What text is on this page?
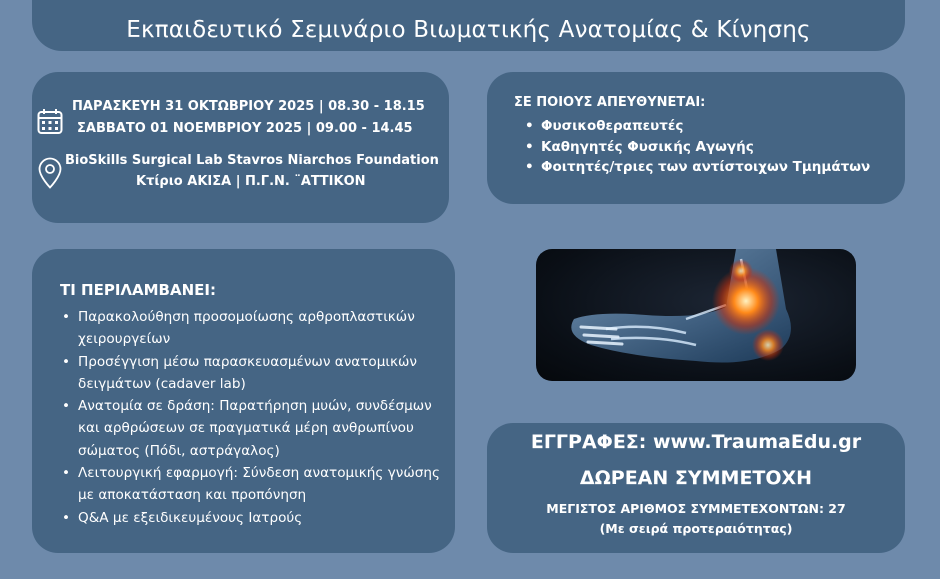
Εκπαιδευτικό Σεμινάριο Βιωματικής Ανατομίας & Κίνησης
ΠΑΡΑΣΚΕΥΗ 31 ΟΚΤΩΒΡΙΟΥ 2025 | 08.30 - 18.15
ΣΑΒΒΑΤΟ 01 ΝΟΕΜΒΡΙΟΥ 2025 | 09.00 - 14.45
BioSkills Surgical Lab Stavros Niarchos Foundation
Κτίριο ΑΚΙΣΑ | Π.Γ.Ν. ¨ΑΤΤΙΚΟΝ
ΣΕ ΠΟΙΟΥΣ ΑΠΕΥΘΥΝΕΤΑΙ:
• Φυσικοθεραπευτές
• Καθηγητές Φυσικής Αγωγής
• Φοιτητές/τριες των αντίστοιχων Τμημάτων
ΤΙ ΠΕΡΙΛΑΜΒΑΝΕΙ:
• Παρακολούθηση προσομοίωσης αρθροπλαστικών χειρουργείων
• Προσέγγιση μέσω παρασκευασμένων ανατομικών δειγμάτων (cadaver lab)
• Ανατομία σε δράση: Παρατήρηση μυών, συνδέσμων και αρθρώσεων σε πραγματικά μέρη ανθρωπίνου σώματος (Πόδι, αστράγαλος)
• Λειτουργική εφαρμογή: Σύνδεση ανατομικής γνώσης με αποκατάσταση και προπόνηση
• Q&A με εξειδικευμένους Ιατρούς
ΕΓΓΡΑΦΕΣ: www.TraumaEdu.gr
ΔΩΡΕΑΝ ΣΥΜΜΕΤΟΧΗ
ΜΕΓΙΣΤΟΣ ΑΡΙΘΜΟΣ ΣΥΜΜΕΤΕΧΟΝΤΩΝ: 27
(Με σειρά προτεραιότητας)
